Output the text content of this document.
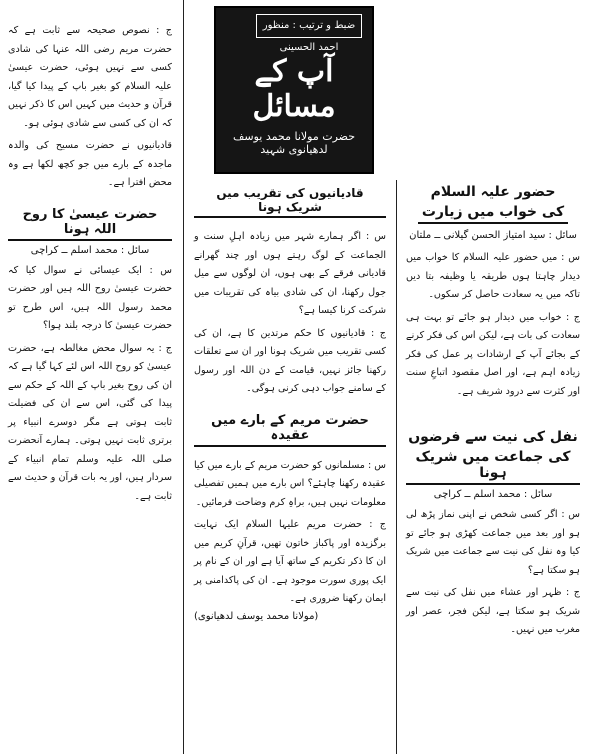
ج : نصوص صحیحہ سے ثابت ہے کہ حضرت مریم رضی اللہ عنہا کی شادی کسی سے نہیں ہوئی، حضرت عیسیٰ علیہ السلام کو بغیر باپ کے پیدا کیا گیا، قرآن و حدیث میں کہیں اس کا ذکر نہیں کہ ان کی کسی سے شادی ہوئی ہو۔

قادیانیوں نے حضرت مسیح کی والدہ ماجدہ کے بارے میں جو کچھ لکھا ہے وہ محض افترا ہے۔

حضرت عیسیٰ کا روح اللہ ہونا
سائل : محمد اسلم ــ کراچی

س : ایک عیسائی نے سوال کیا کہ حضرت عیسیٰ روح اللہ ہیں اور حضرت محمد رسول اللہ ہیں، اس طرح تو حضرت عیسیٰ کا درجہ بلند ہوا؟

ج : یہ سوال محض مغالطہ ہے، حضرت عیسیٰ کو روح اللہ اس لئے کہا گیا ہے کہ ان کی روح بغیر باپ کے اللہ کے حکم سے پیدا کی گئی، اس سے ان کی فضیلت ثابت ہوتی ہے مگر دوسرے انبیاء پر برتری ثابت نہیں ہوتی۔ ہمارے آنحضرت صلی اللہ علیہ وسلم تمام انبیاء کے سردار ہیں، اور یہ بات قرآن و حدیث سے ثابت ہے۔

ضبط و ترتیب : منظور احمد الحسینی
آپ کے مسائل
حضرت مولانا محمد یوسف لدھیانوی شہید
قادیانیوں کی تقریب میں شریک ہونا

س : اگر ہمارے شہر میں زیادہ اہلِ سنت و الجماعت کے لوگ رہتے ہوں اور چند گھرانے قادیانی فرقے کے بھی ہوں، ان لوگوں سے میل جول رکھنا، ان کی شادی بیاہ کی تقریبات میں شرکت کرنا کیسا ہے؟

ج : قادیانیوں کا حکم مرتدین کا ہے، ان کی کسی تقریب میں شریک ہونا اور ان سے تعلقات رکھنا جائز نہیں، قیامت کے دن اللہ اور رسول کے سامنے جواب دہی کرنی ہوگی۔

حضرت مریم کے بارے میں عقیدہ

س : مسلمانوں کو حضرت مریم کے بارے میں کیا عقیدہ رکھنا چاہئے؟ اس بارے میں ہمیں تفصیلی معلومات نہیں ہیں، براہِ کرم وضاحت فرمائیں۔

ج : حضرت مریم علیہا السلام ایک نہایت برگزیدہ اور پاکباز خاتون تھیں، قرآنِ کریم میں ان کا ذکر تکریم کے ساتھ آیا ہے اور ان کے نام پر ایک پوری سورت موجود ہے۔ ان کی پاکدامنی پر ایمان رکھنا ضروری ہے۔

(مولانا محمد یوسف لدھیانوی)
حضور علیہ السلام
کی خواب میں زیارت
سائل : سید امتیاز الحسن گیلانی ــ ملتان

س : میں حضور علیہ السلام کا خواب میں دیدار چاہتا ہوں طریقہ یا وظیفہ بتا دیں تاکہ میں یہ سعادت حاصل کر سکوں۔

ج : خواب میں دیدار ہو جائے تو بہت ہی سعادت کی بات ہے، لیکن اس کی فکر کرنے کے بجائے آپ کے ارشادات پر عمل کی فکر زیادہ اہم ہے، اور اصل مقصود اتباعِ سنت اور کثرت سے درود شریف ہے۔

نفل کی نیت سے فرضوں
کی جماعت میں شریک ہونا
سائل : محمد اسلم ــ کراچی

س : اگر کسی شخص نے اپنی نماز پڑھ لی ہو اور بعد میں جماعت کھڑی ہو جائے تو کیا وہ نفل کی نیت سے جماعت میں شریک ہو سکتا ہے؟

ج : ظہر اور عشاء میں نفل کی نیت سے شریک ہو سکتا ہے، لیکن فجر، عصر اور مغرب میں نہیں۔
